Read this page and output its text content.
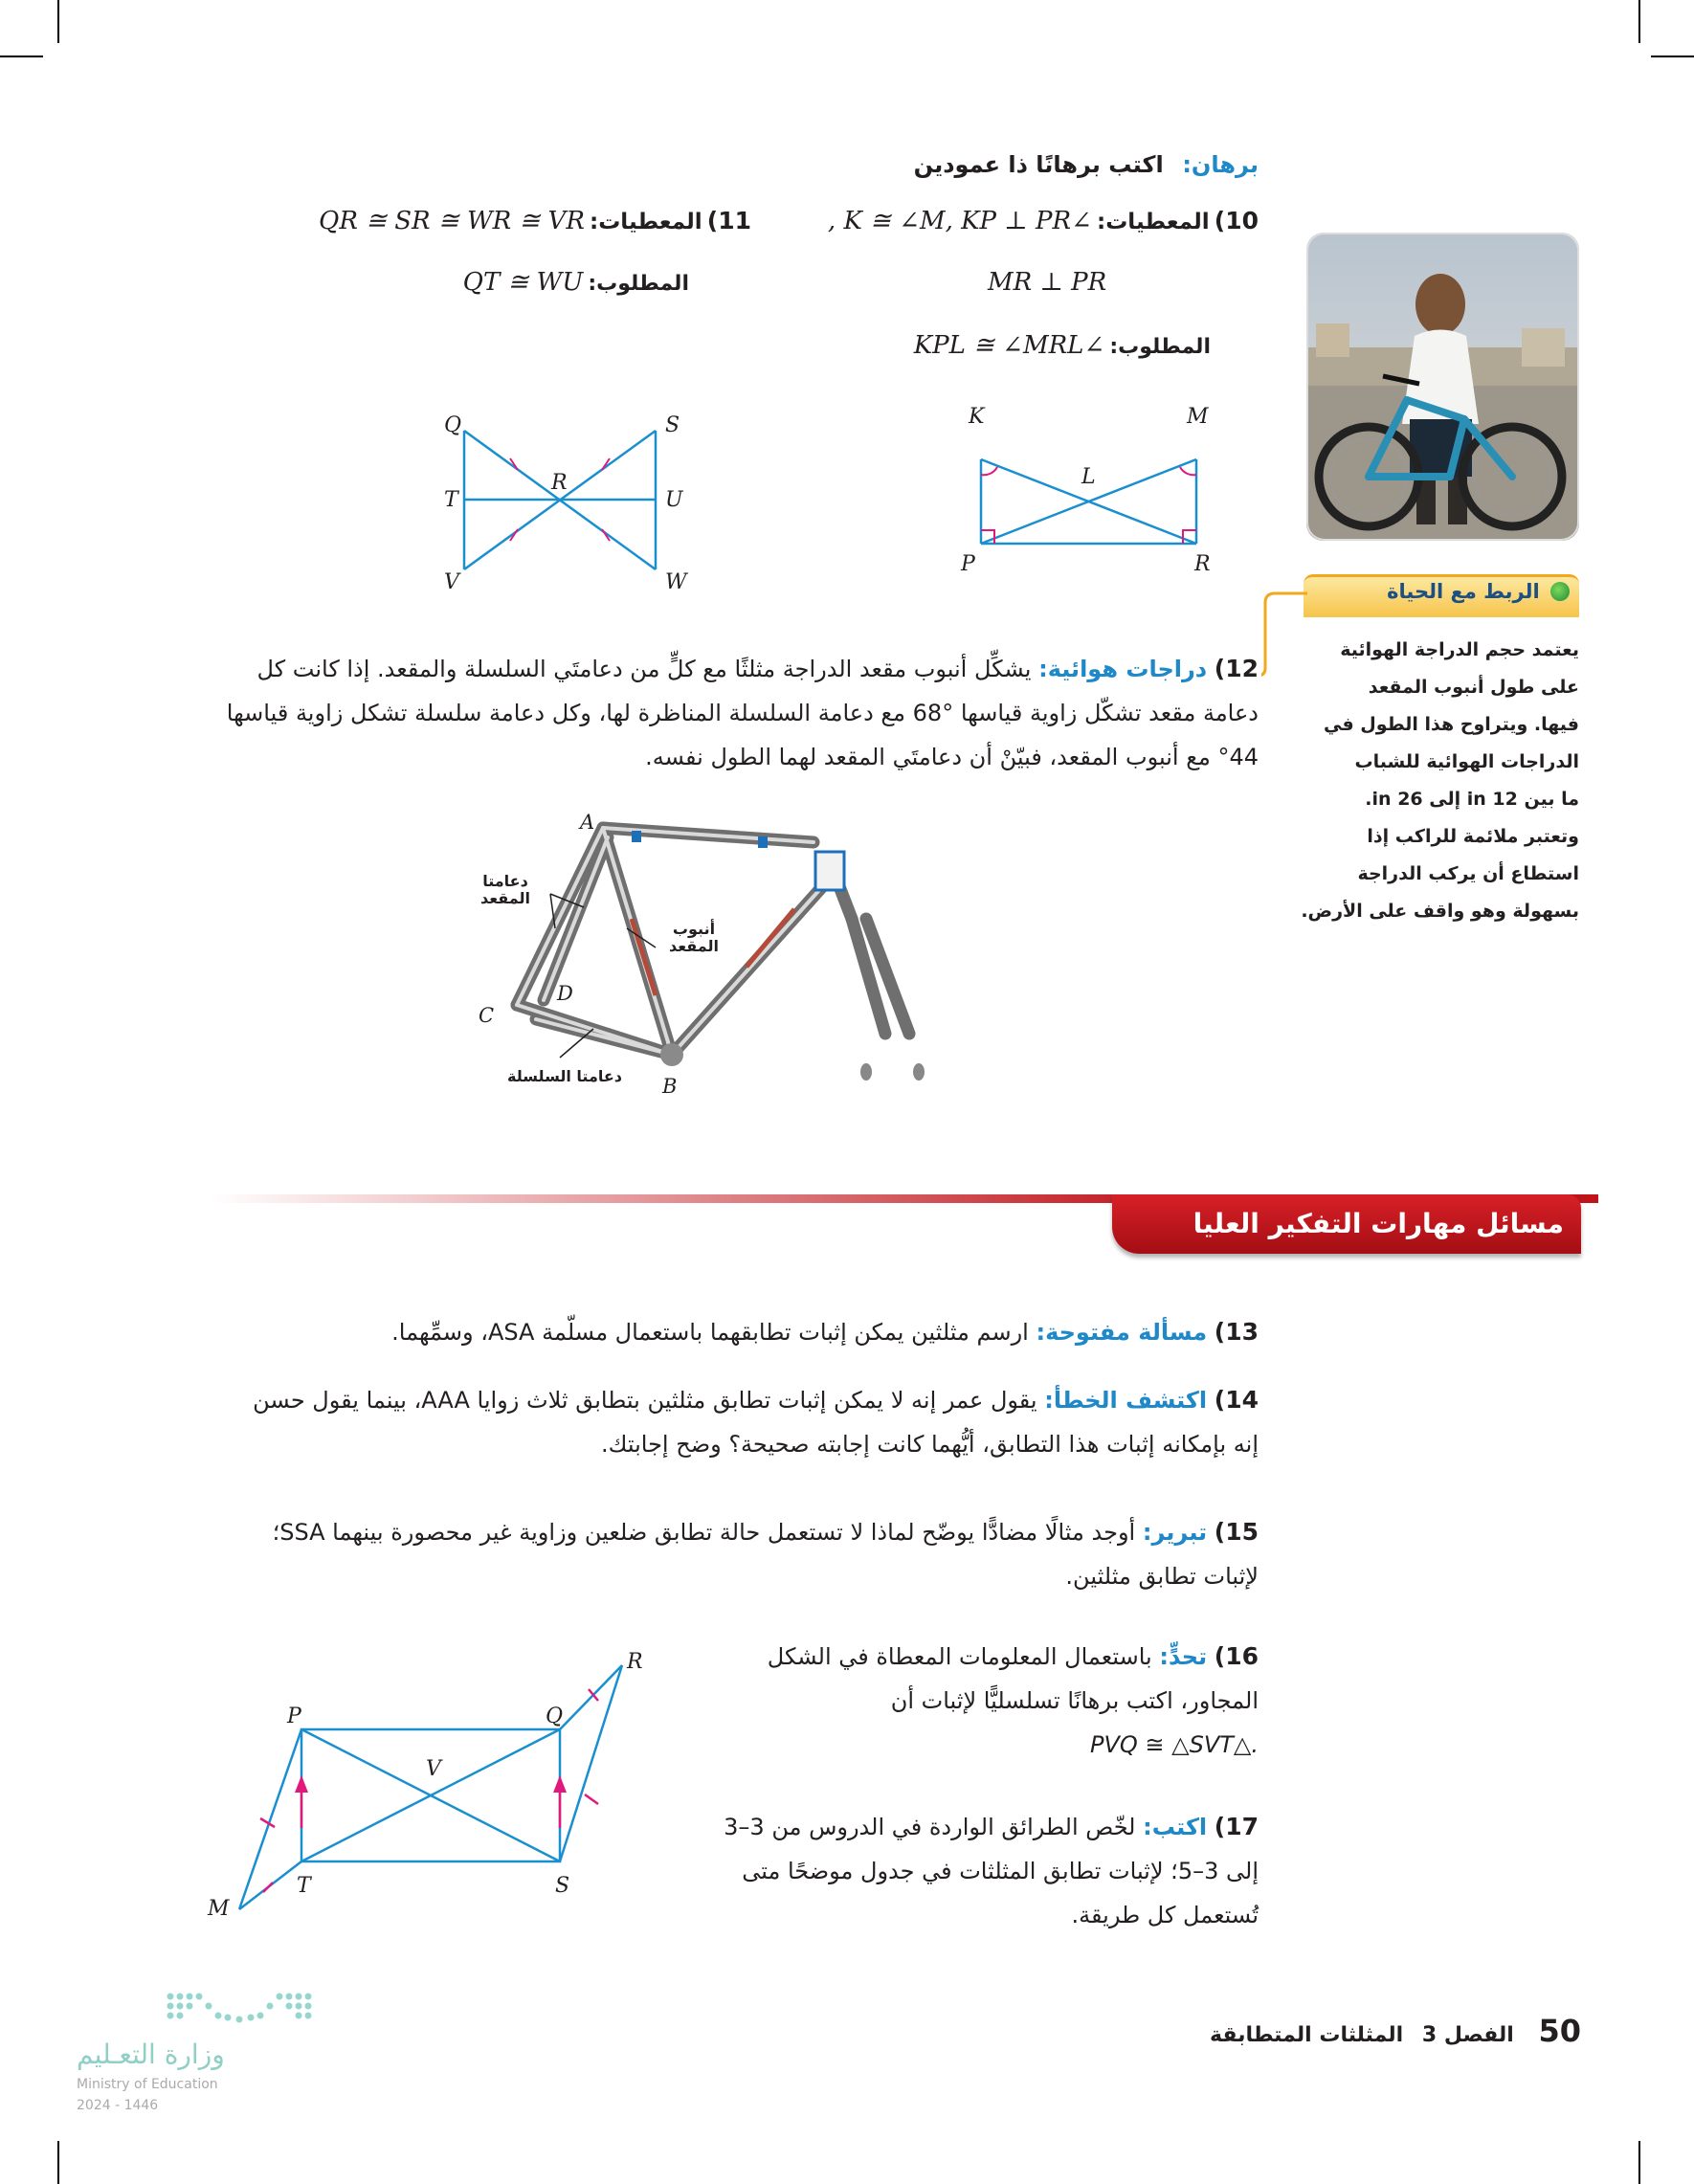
برهان: اكتب برهانًا ذا عمودين
10) المعطيات: ∠K ≅ ∠M, KP ⊥ PR ,
MR ⊥ PR
المطلوب: ∠KPL ≅ ∠MRL
11) المعطيات: QR ≅ SR ≅ WR ≅ VR
المطلوب: QT ≅ WU
K	M
L
P	R
Q	S
R
T	U
V	W	الربط مع الحياة
يعتمد حجم الدراجة الهوائية
على طول أنبوب المقعد
فيها. ويتراوح هذا الطول في
الدراجات الهوائية للشباب
ما بين 12 in إلى 26 in.
وتعتبر ملائمة للراكب إذا
استطاع أن يركب الدراجة
بسهولة وهو واقف على الأرض.
12) دراجات هوائية: يشكِّل أنبوب مقعد الدراجة مثلثًا مع كلٍّ من دعامتَي السلسلة والمقعد. إذا كانت كل
دعامة مقعد تشكّل زاوية قياسها °68 مع دعامة السلسلة المناظرة لها، وكل دعامة سلسلة تشكل زاوية قياسها
°44 مع أنبوب المقعد، فبيّنْ أن دعامتَي المقعد لهما الطول نفسه.
A
B
C
D
دعامتا المقعد
أنبوب المقعد
دعامتا السلسلة
مسائل مهارات التفكير العليا
13) مسألة مفتوحة: ارسم مثلثين يمكن إثبات تطابقهما باستعمال مسلّمة ASA، وسمِّهما.
14) اكتشف الخطأ: يقول عمر إنه لا يمكن إثبات تطابق مثلثين بتطابق ثلاث زوايا AAA، بينما يقول حسن
إنه بإمكانه إثبات هذا التطابق، أيُّهما كانت إجابته صحيحة؟ وضح إجابتك.
15) تبرير: أوجد مثالًا مضادًّا يوضّح لماذا لا تستعمل حالة تطابق ضلعين وزاوية غير محصورة بينهما SSA؛
لإثبات تطابق مثلثين.
16) تحدٍّ: باستعمال المعلومات المعطاة في الشكل
المجاور، اكتب برهانًا تسلسليًّا لإثبات أن
.△PVQ ≅ △SVT
17) اكتب: لخّص الطرائق الواردة في الدروس من 3–3
إلى 3–5؛ لإثبات تطابق المثلثات في جدول موضحًا متى
تُستعمل كل طريقة.
P	Q
R
V
T	S
M
50 الفصل 3 المثلثات المتطابقة
وزارة التعـليم
Ministry of Education
2024 - 1446
